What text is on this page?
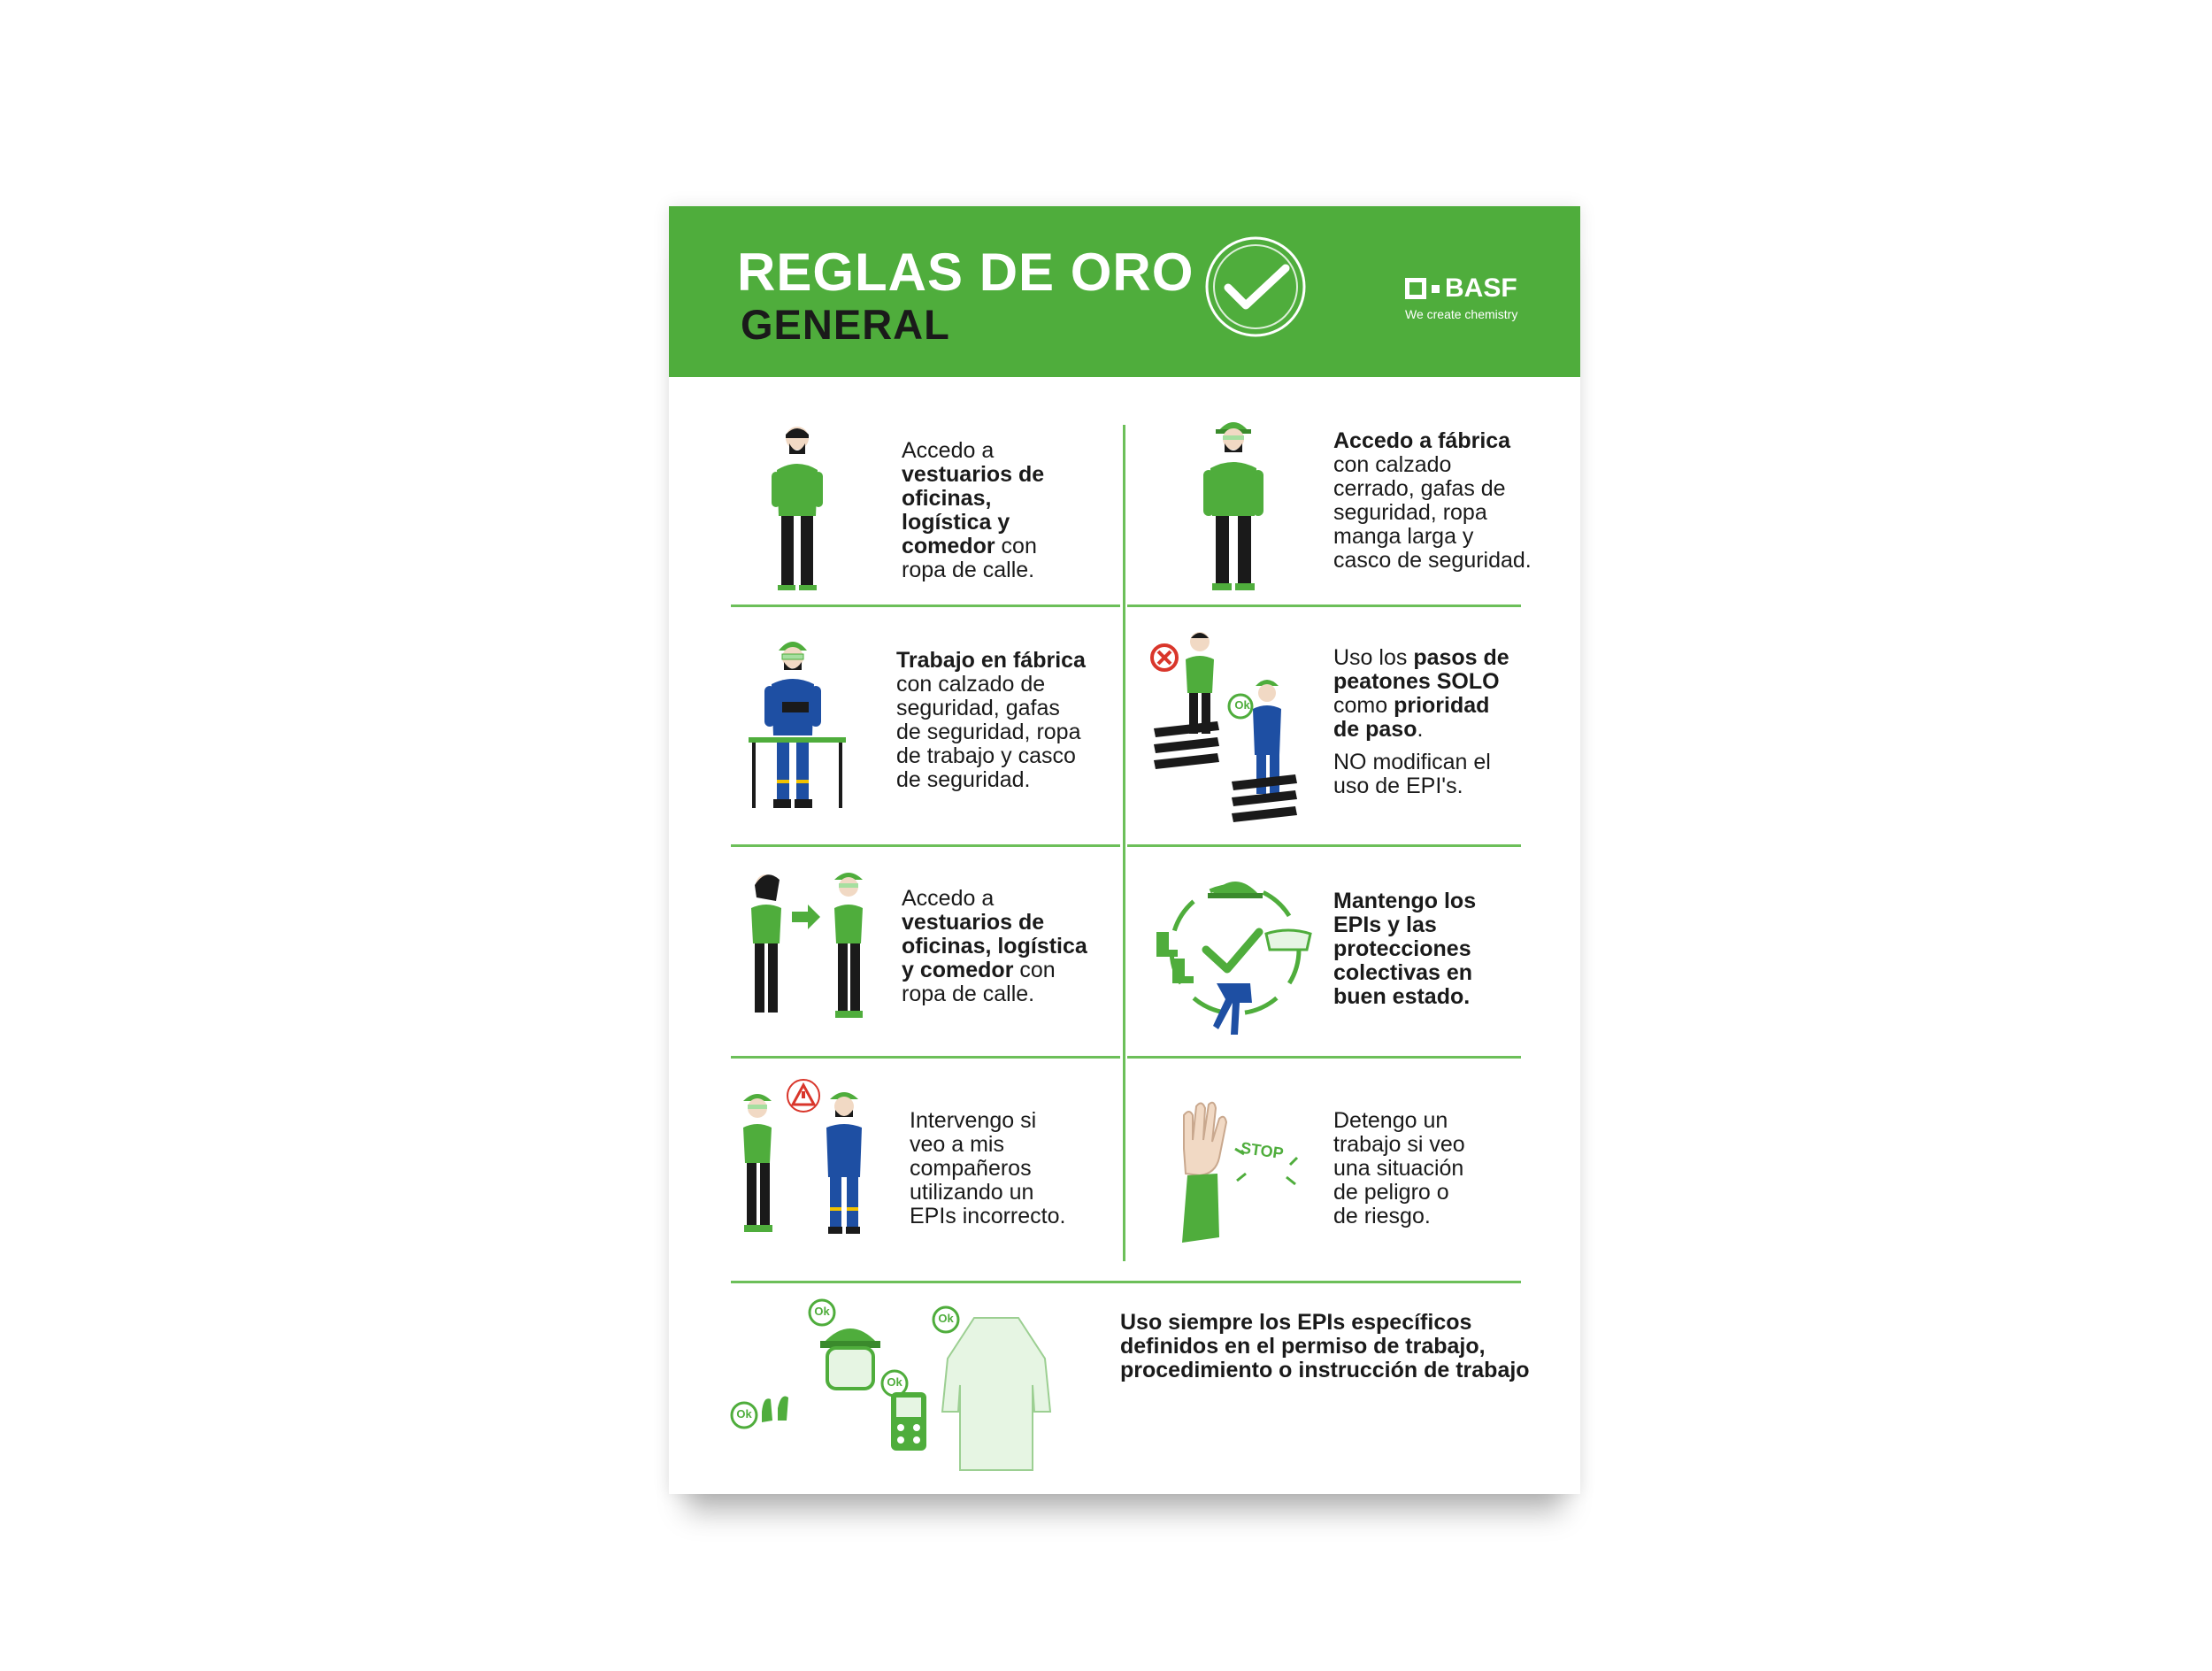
REGLAS DE ORO
GENERAL
BASF
We create chemistry
Accedo a
vestuarios de
oficinas,
logística y
comedor con
ropa de calle.
Accedo a fábrica
con calzado
cerrado, gafas de
seguridad, ropa
manga larga y
casco de seguridad.
Trabajo en fábrica
con calzado de
seguridad, gafas
de seguridad, ropa
de trabajo y casco
de seguridad.
Uso los pasos de
peatones SOLO
como prioridad
de paso.
NO modifican el
uso de EPI's.
Accedo a
vestuarios de
oficinas, logística
y comedor con
ropa de calle.
Mantengo los
EPIs y las
protecciones
colectivas en
buen estado.
Intervengo si
veo a mis
compañeros
utilizando un
EPIs incorrecto.
Detengo un
trabajo si veo
una situación
de peligro o
de riesgo.
Uso siempre los EPIs específicos definidos en el permiso de trabajo, procedimiento o instrucción de trabajo
Ok
STOP
Ok
Ok
Ok
Ok
